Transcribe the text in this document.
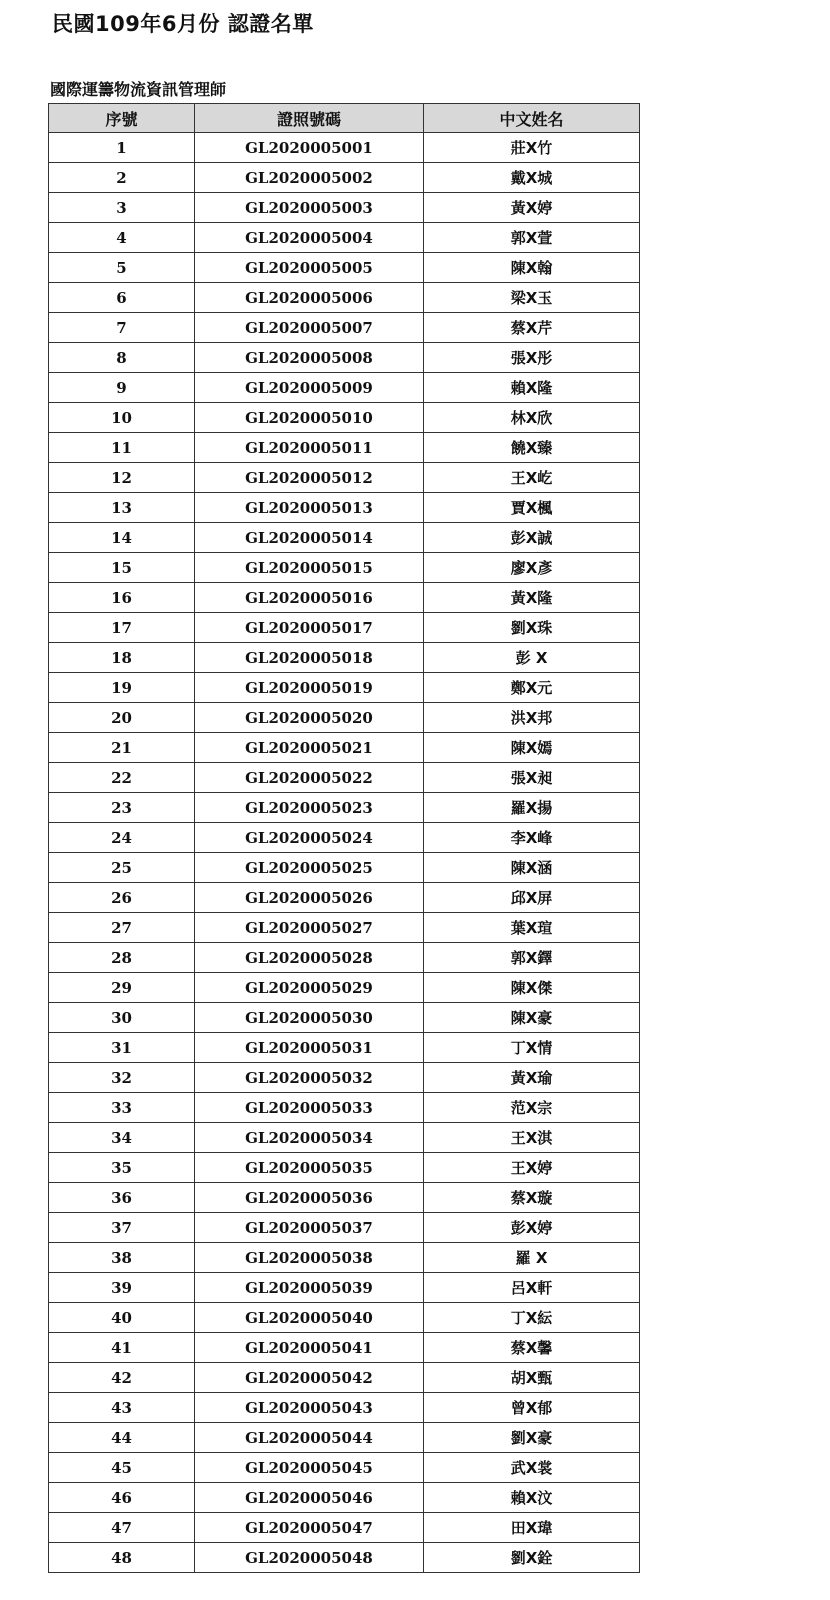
民國109年6月份 認證名單
國際運籌物流資訊管理師
序號	證照號碼	中文姓名
1	GL2020005001	莊X竹
2	GL2020005002	戴X城
3	GL2020005003	黃X婷
4	GL2020005004	郭X萱
5	GL2020005005	陳X翰
6	GL2020005006	梁X玉
7	GL2020005007	蔡X芹
8	GL2020005008	張X彤
9	GL2020005009	賴X隆
10	GL2020005010	林X欣
11	GL2020005011	饒X臻
12	GL2020005012	王X屹
13	GL2020005013	賈X楓
14	GL2020005014	彭X誠
15	GL2020005015	廖X彥
16	GL2020005016	黃X隆
17	GL2020005017	劉X珠
18	GL2020005018	彭 X
19	GL2020005019	鄭X元
20	GL2020005020	洪X邦
21	GL2020005021	陳X嫣
22	GL2020005022	張X昶
23	GL2020005023	羅X揚
24	GL2020005024	李X峰
25	GL2020005025	陳X涵
26	GL2020005026	邱X屏
27	GL2020005027	葉X瑄
28	GL2020005028	郭X鐸
29	GL2020005029	陳X傑
30	GL2020005030	陳X豪
31	GL2020005031	丁X情
32	GL2020005032	黃X瑜
33	GL2020005033	范X宗
34	GL2020005034	王X淇
35	GL2020005035	王X婷
36	GL2020005036	蔡X璇
37	GL2020005037	彭X婷
38	GL2020005038	羅 X
39	GL2020005039	呂X軒
40	GL2020005040	丁X紜
41	GL2020005041	蔡X馨
42	GL2020005042	胡X甄
43	GL2020005043	曾X郁
44	GL2020005044	劉X豪
45	GL2020005045	武X裳
46	GL2020005046	賴X汶
47	GL2020005047	田X瑋
48	GL2020005048	劉X銓
